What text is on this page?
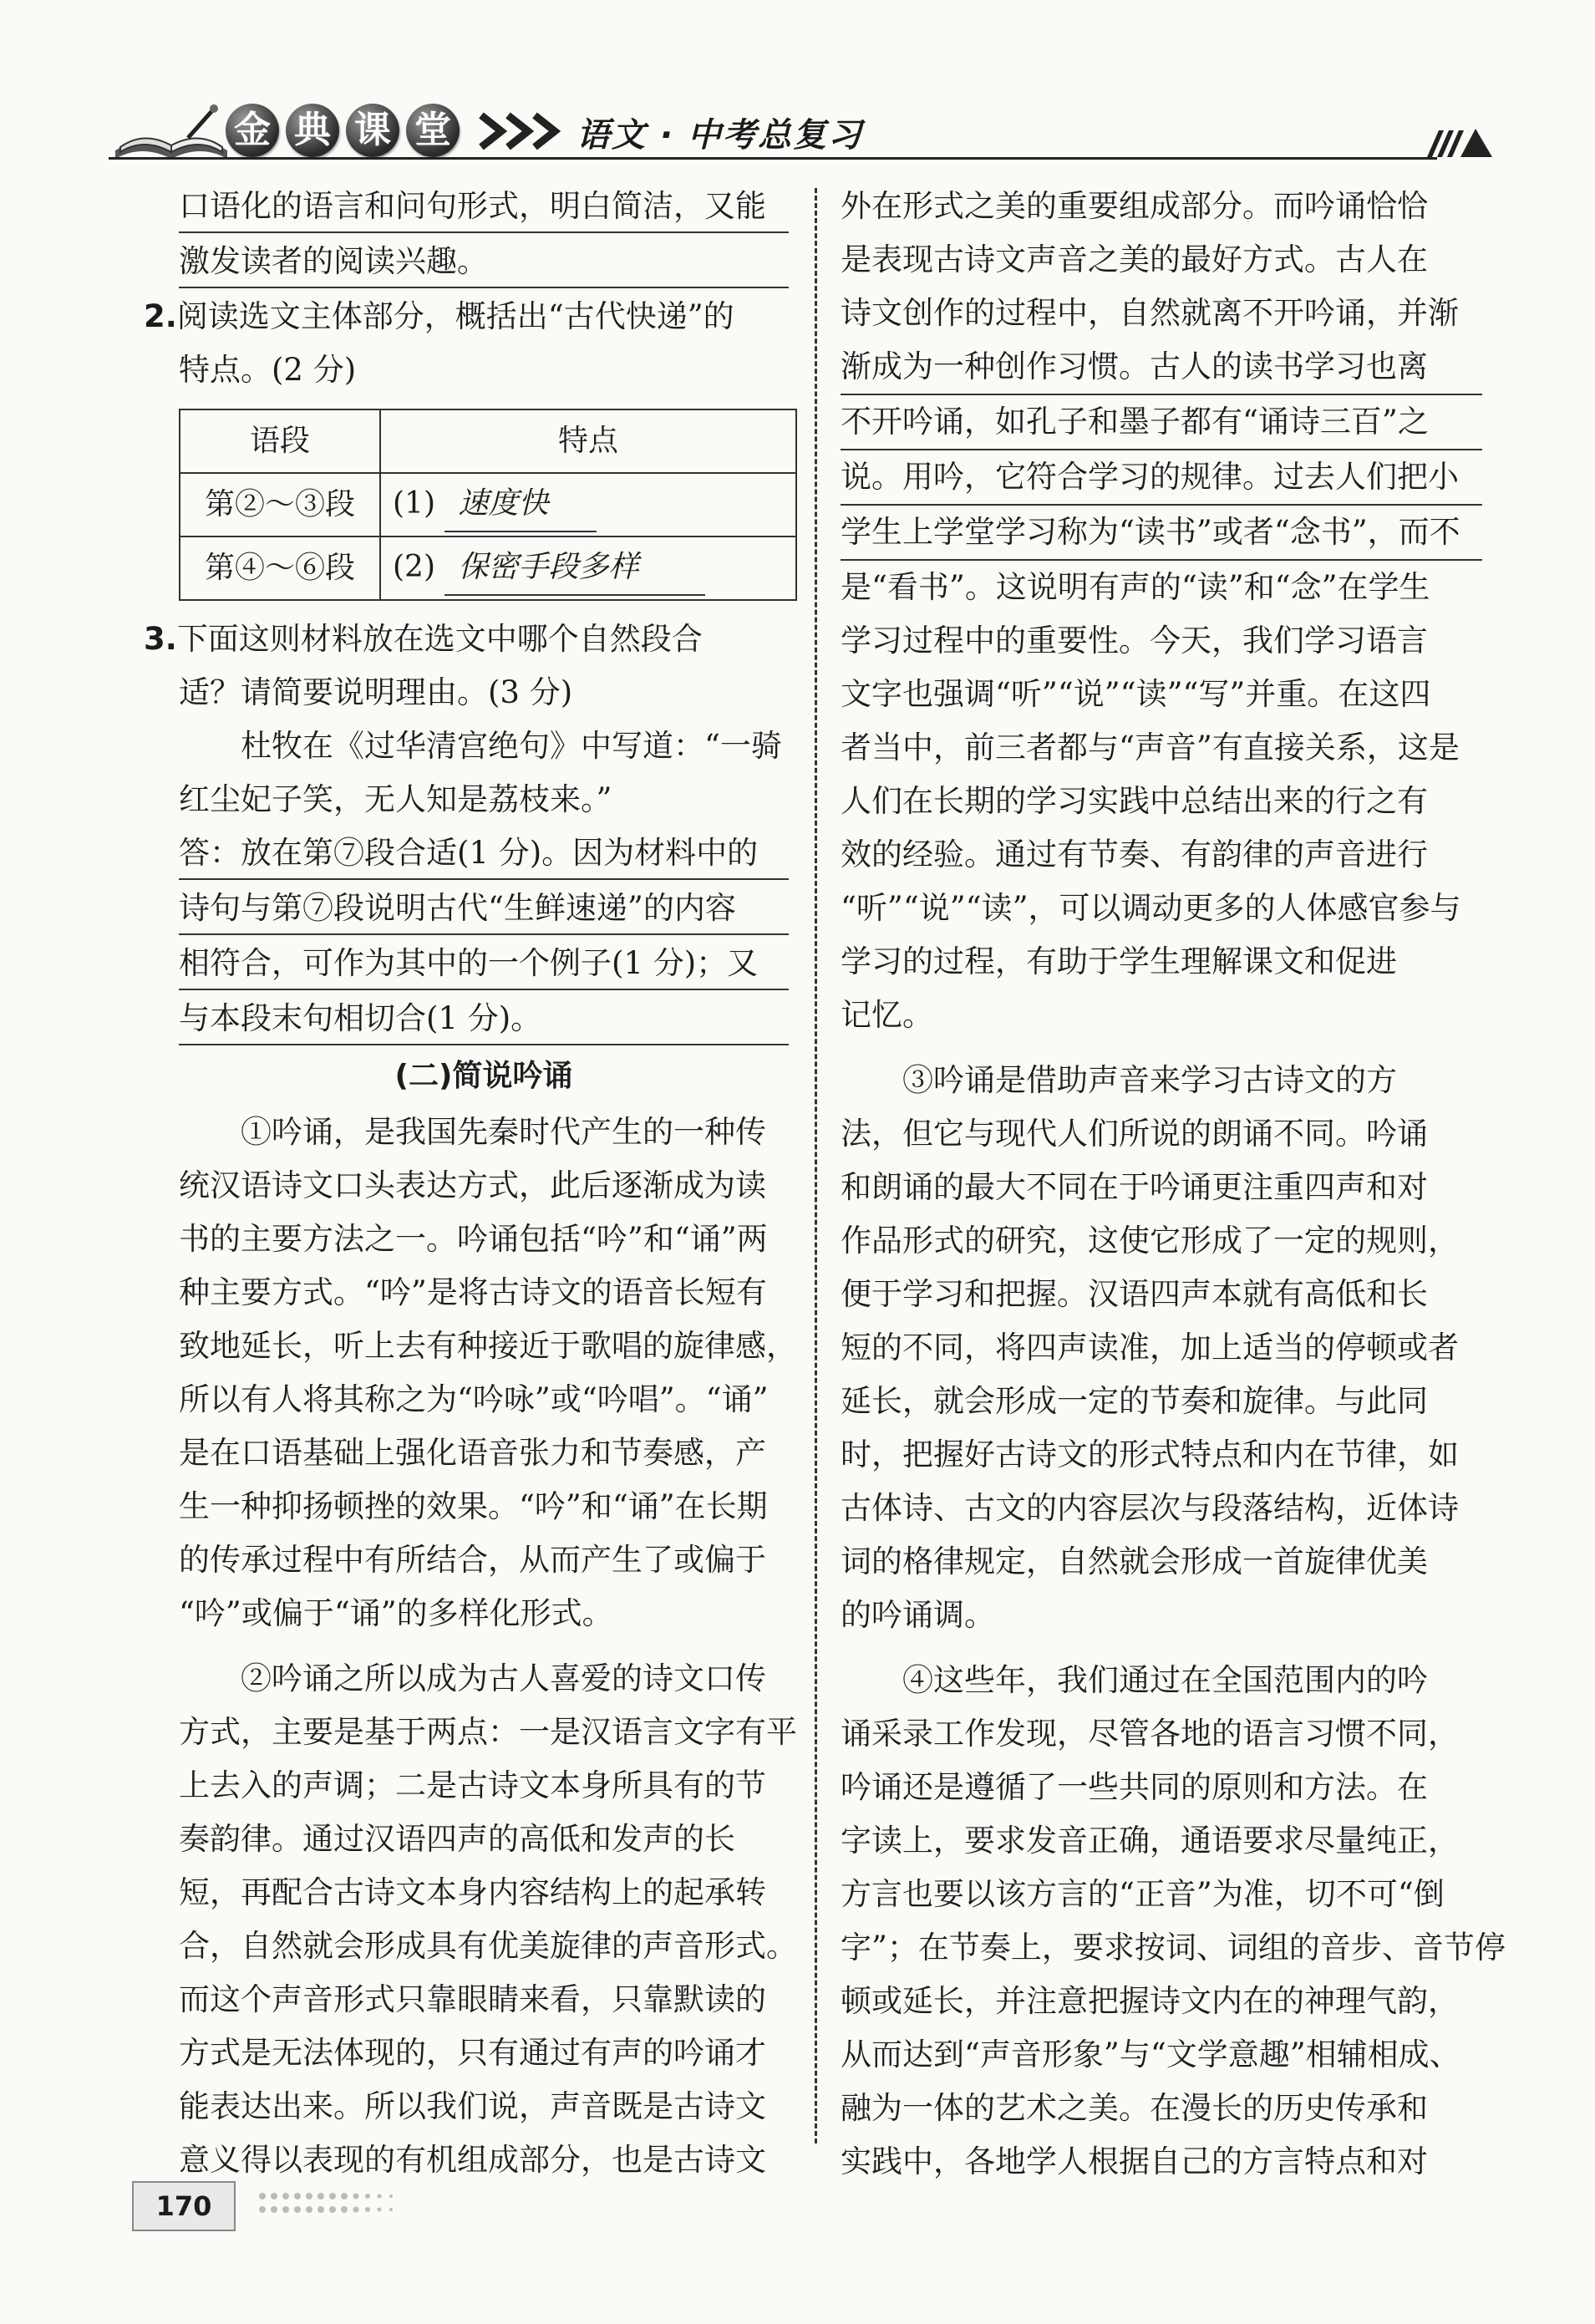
金 典 课 堂	语文 · 中考总复习
口语化的语言和问句形式，明白简洁，又能
激发读者的阅读兴趣。
2.阅读选文主体部分，概括出“古代快递”的
特点。(2 分)
语段	特点
第②～③段	(1) 速度快
第④～⑥段	(2) 保密手段多样
3.下面这则材料放在选文中哪个自然段合
适？请简要说明理由。(3 分)
杜牧在《过华清宫绝句》中写道：“一骑
红尘妃子笑，无人知是荔枝来。”
答：放在第⑦段合适(1 分)。因为材料中的
诗句与第⑦段说明古代“生鲜速递”的内容
相符合，可作为其中的一个例子(1 分)；又
与本段末句相切合(1 分)。
(二)简说吟诵
①吟诵，是我国先秦时代产生的一种传
统汉语诗文口头表达方式，此后逐渐成为读
书的主要方法之一。吟诵包括“吟”和“诵”两
种主要方式。“吟”是将古诗文的语音长短有
致地延长，听上去有种接近于歌唱的旋律感，
所以有人将其称之为“吟咏”或“吟唱”。“诵”
是在口语基础上强化语音张力和节奏感，产
生一种抑扬顿挫的效果。“吟”和“诵”在长期
的传承过程中有所结合，从而产生了或偏于
“吟”或偏于“诵”的多样化形式。
②吟诵之所以成为古人喜爱的诗文口传
方式，主要是基于两点：一是汉语言文字有平
上去入的声调；二是古诗文本身所具有的节
奏韵律。通过汉语四声的高低和发声的长
短，再配合古诗文本身内容结构上的起承转
合，自然就会形成具有优美旋律的声音形式。
而这个声音形式只靠眼睛来看，只靠默读的
方式是无法体现的，只有通过有声的吟诵才
能表达出来。所以我们说，声音既是古诗文
意义得以表现的有机组成部分，也是古诗文
外在形式之美的重要组成部分。而吟诵恰恰
是表现古诗文声音之美的最好方式。古人在
诗文创作的过程中，自然就离不开吟诵，并渐
渐成为一种创作习惯。古人的读书学习也离
不开吟诵，如孔子和墨子都有“诵诗三百”之
说。用吟，它符合学习的规律。过去人们把小
学生上学堂学习称为“读书”或者“念书”，而不
是“看书”。这说明有声的“读”和“念”在学生
学习过程中的重要性。今天，我们学习语言
文字也强调“听”“说”“读”“写”并重。在这四
者当中，前三者都与“声音”有直接关系，这是
人们在长期的学习实践中总结出来的行之有
效的经验。通过有节奏、有韵律的声音进行
“听”“说”“读”，可以调动更多的人体感官参与
学习的过程，有助于学生理解课文和促进
记忆。
③吟诵是借助声音来学习古诗文的方
法，但它与现代人们所说的朗诵不同。吟诵
和朗诵的最大不同在于吟诵更注重四声和对
作品形式的研究，这使它形成了一定的规则，
便于学习和把握。汉语四声本就有高低和长
短的不同，将四声读准，加上适当的停顿或者
延长，就会形成一定的节奏和旋律。与此同
时，把握好古诗文的形式特点和内在节律，如
古体诗、古文的内容层次与段落结构，近体诗
词的格律规定，自然就会形成一首旋律优美
的吟诵调。
④这些年，我们通过在全国范围内的吟
诵采录工作发现，尽管各地的语言习惯不同，
吟诵还是遵循了一些共同的原则和方法。在
字读上，要求发音正确，通语要求尽量纯正，
方言也要以该方言的“正音”为准，切不可“倒
字”；在节奏上，要求按词、词组的音步、音节停
顿或延长，并注意把握诗文内在的神理气韵，
从而达到“声音形象”与“文学意趣”相辅相成、
融为一体的艺术之美。在漫长的历史传承和
实践中，各地学人根据自己的方言特点和对
170
